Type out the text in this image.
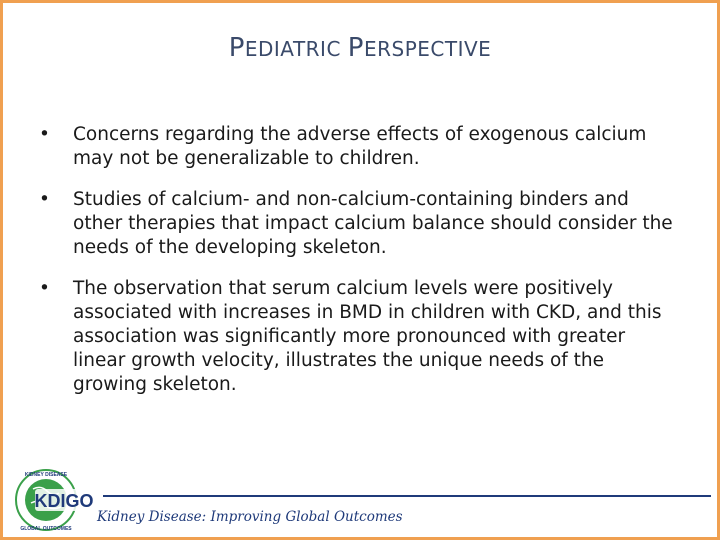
PEDIATRIC PERSPECTIVE
•	Concerns regarding the adverse effects of exogenous calcium may not be generalizable to children.
•	Studies of calcium- and non-calcium-containing binders and other therapies that impact calcium balance should consider the needs of the developing skeleton.
•	The observation that serum calcium levels were positively associated with increases in BMD in children with CKD, and this association was significantly more pronounced with greater linear growth velocity, illustrates the unique needs of the growing skeleton.
KDIGO
KIDNEY DISEASE
GLOBAL OUTCOMES
Kidney Disease: Improving Global Outcomes
